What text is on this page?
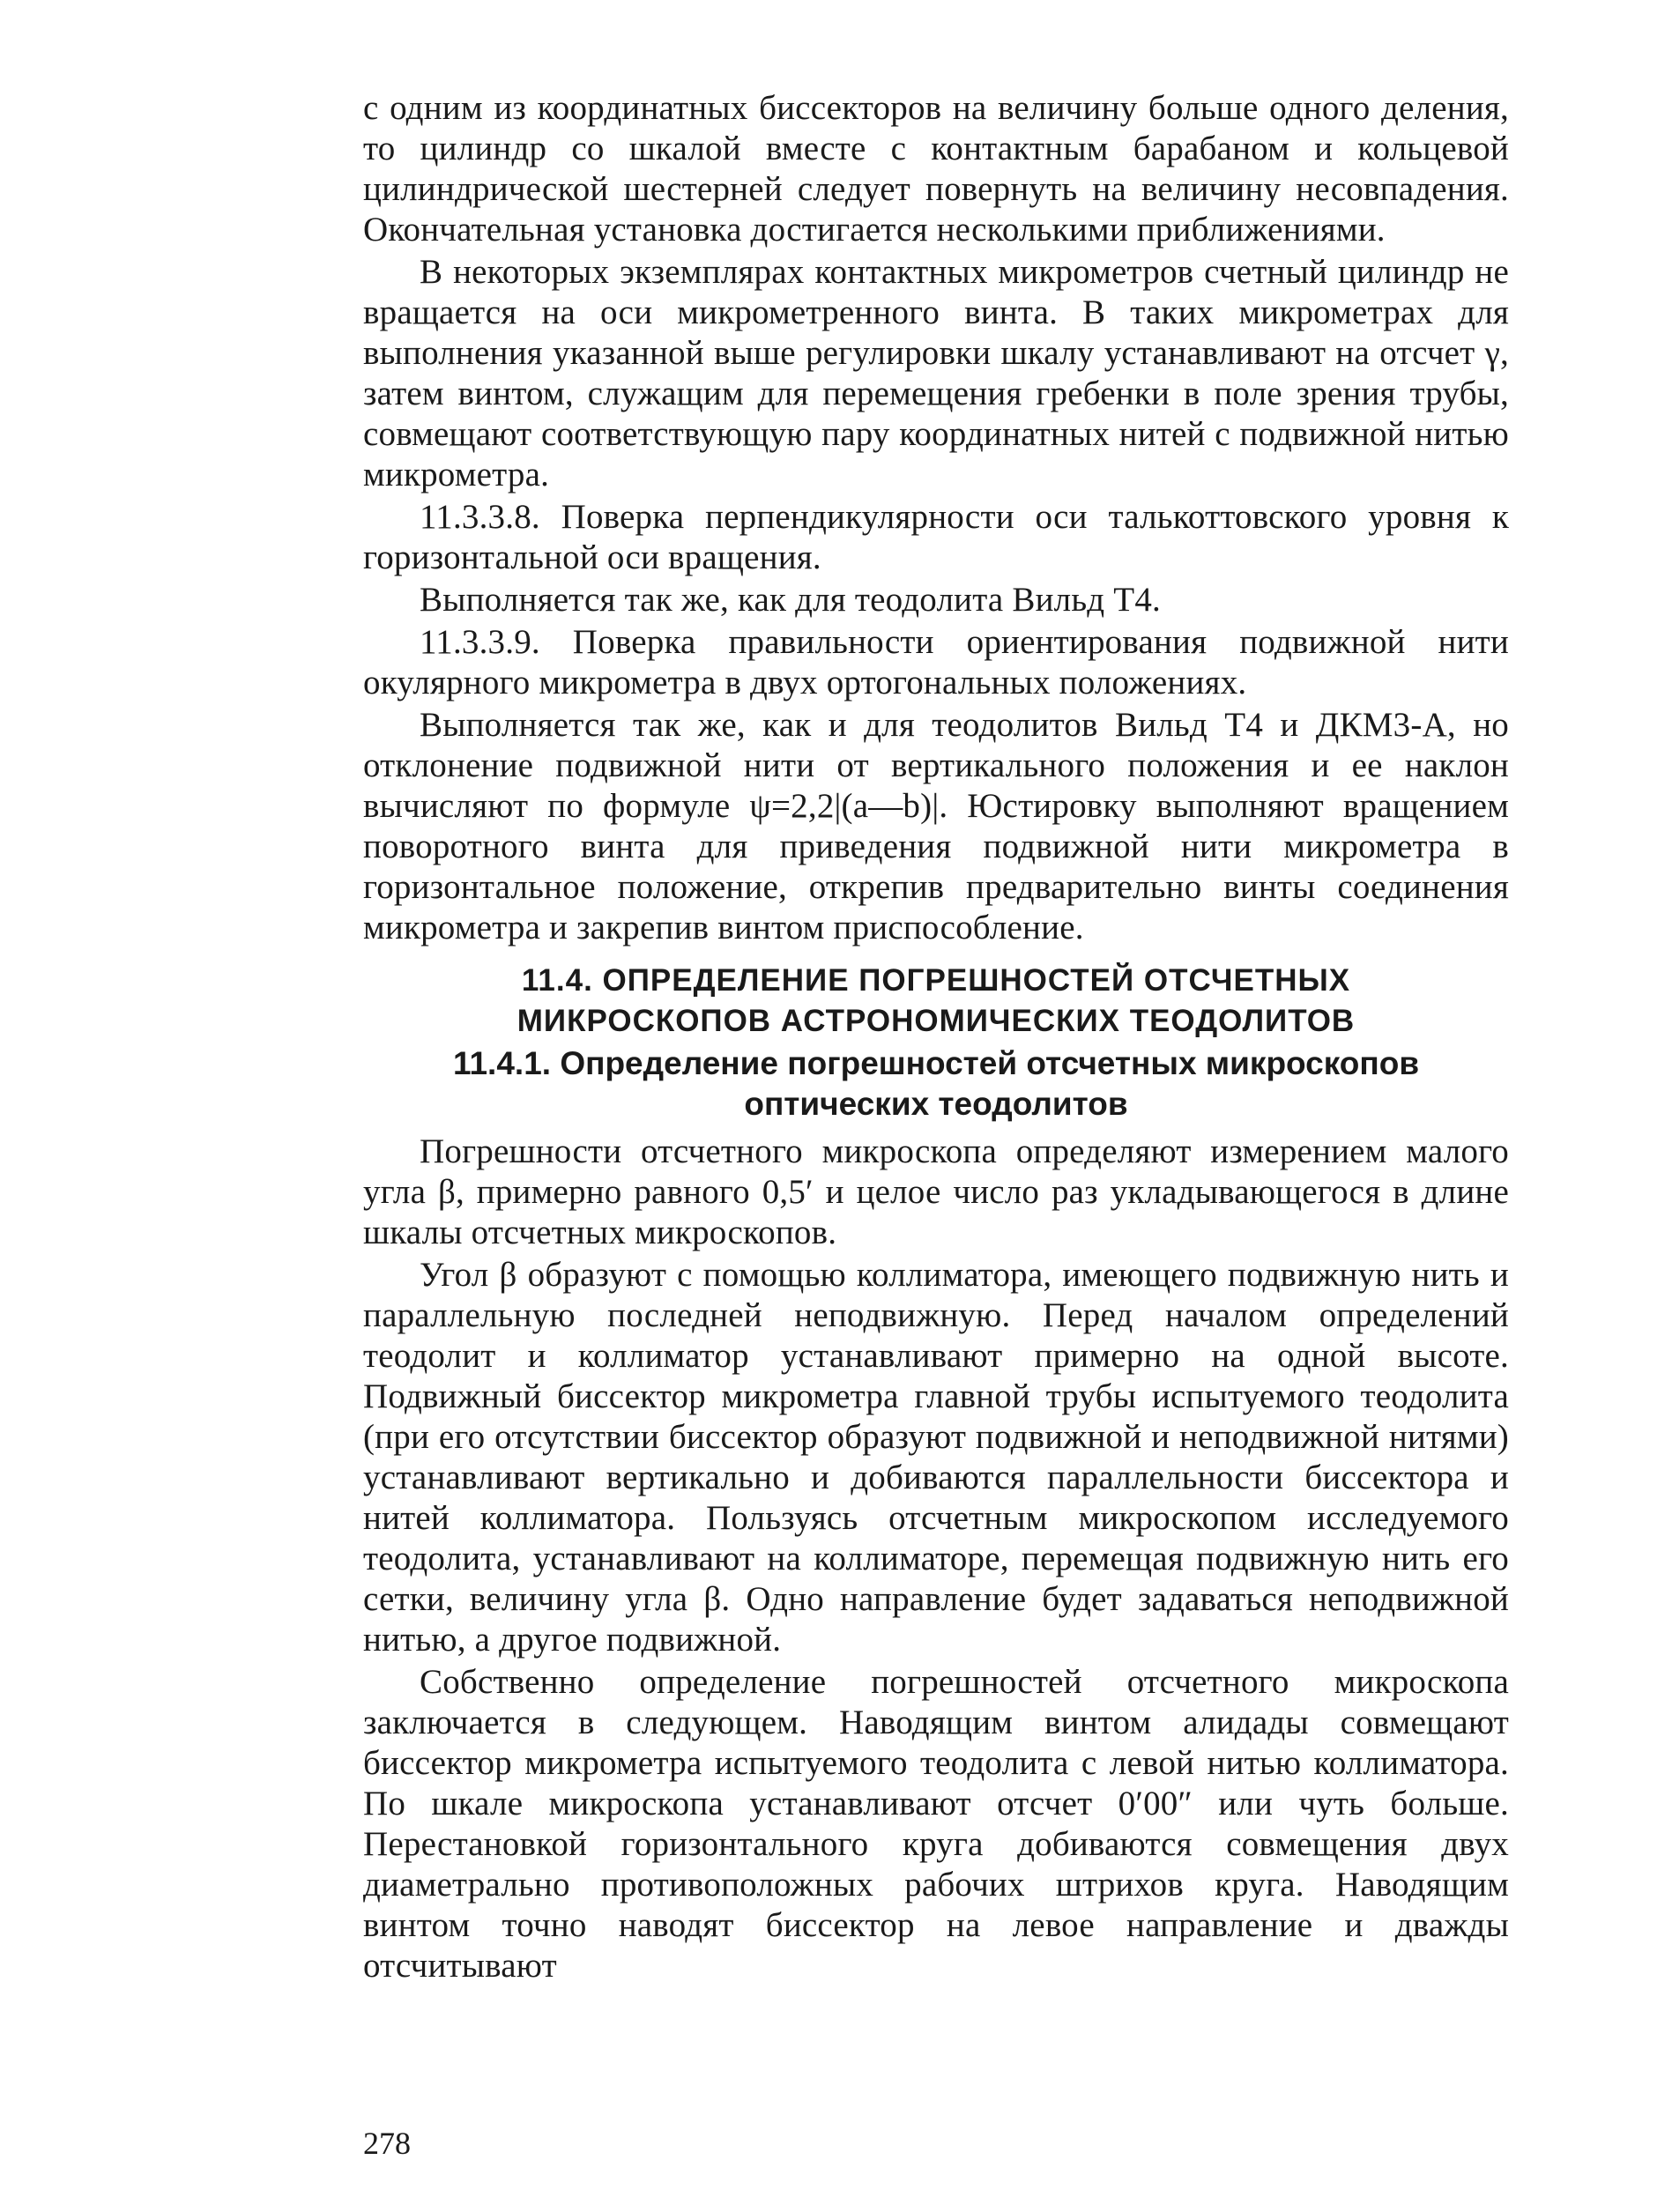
с одним из координатных биссекторов на величину больше одного деления, то цилиндр со шкалой вместе с контактным барабаном и кольцевой цилиндрической шестерней следует повернуть на величину несовпадения. Окончательная установка достигается несколькими приближениями.

В некоторых экземплярах контактных микрометров счетный цилиндр не вращается на оси микрометренного винта. В таких микрометрах для выполнения указанной выше регулировки шкалу устанавливают на отсчет γ, затем винтом, служащим для перемещения гребенки в поле зрения трубы, совмещают соответствующую пару координатных нитей с подвижной нитью микрометра.

11.3.3.8. Поверка перпендикулярности оси талькоттовского уровня к горизонтальной оси вращения.

Выполняется так же, как для теодолита Вильд Т4.

11.3.3.9. Поверка правильности ориентирования подвижной нити окулярного микрометра в двух ортогональных положениях.

Выполняется так же, как и для теодолитов Вильд Т4 и ДКМ3-А, но отклонение подвижной нити от вертикального положения и ее наклон вычисляют по формуле ψ=2,2|(a—b)|. Юстировку выполняют вращением поворотного винта для приведения подвижной нити микрометра в горизонтальное положение, открепив предварительно винты соединения микрометра и закрепив винтом приспособление.

11.4. ОПРЕДЕЛЕНИЕ ПОГРЕШНОСТЕЙ ОТСЧЕТНЫХ
МИКРОСКОПОВ АСТРОНОМИЧЕСКИХ ТЕОДОЛИТОВ
11.4.1. Определение погрешностей отсчетных микроскопов
оптических теодолитов

Погрешности отсчетного микроскопа определяют измерением малого угла β, примерно равного 0,5′ и целое число раз укладывающегося в длине шкалы отсчетных микроскопов.

Угол β образуют с помощью коллиматора, имеющего подвижную нить и параллельную последней неподвижную. Перед началом определений теодолит и коллиматор устанавливают примерно на одной высоте. Подвижный биссектор микрометра главной трубы испытуемого теодолита (при его отсутствии биссектор образуют подвижной и неподвижной нитями) устанавливают вертикально и добиваются параллельности биссектора и нитей коллиматора. Пользуясь отсчетным микроскопом исследуемого теодолита, устанавливают на коллиматоре, перемещая подвижную нить его сетки, величину угла β. Одно направление будет задаваться неподвижной нитью, а другое подвижной.

Собственно определение погрешностей отсчетного микроскопа заключается в следующем. Наводящим винтом алидады совмещают биссектор микрометра испытуемого теодолита с левой нитью коллиматора. По шкале микроскопа устанавливают отсчет 0′00″ или чуть больше. Перестановкой горизонтального круга добиваются совмещения двух диаметрально противоположных рабочих штрихов круга. Наводящим винтом точно наводят биссектор на левое направление и дважды отсчитывают

278
